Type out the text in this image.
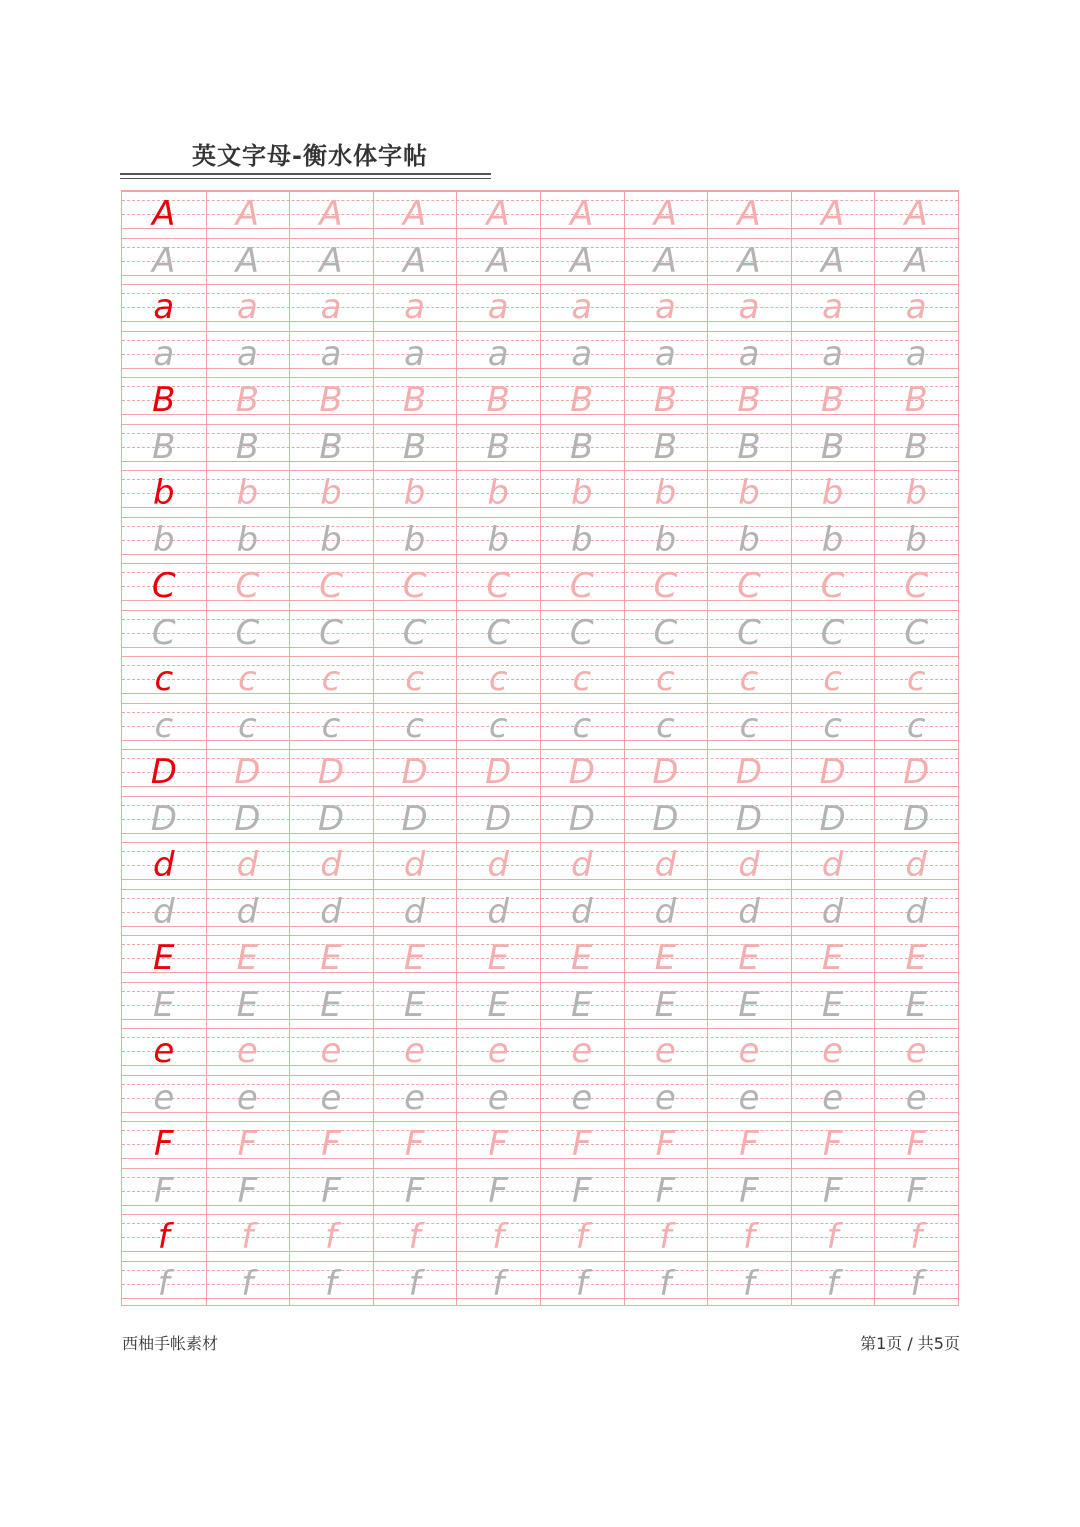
英文字母-衡水体字帖
A	A	A	A	A	A	A	A	A	A
A	A	A	A	A	A	A	A	A	A
a	a	a	a	a	a	a	a	a	a
a	a	a	a	a	a	a	a	a	a
B	B	B	B	B	B	B	B	B	B
B	B	B	B	B	B	B	B	B	B
b	b	b	b	b	b	b	b	b	b
b	b	b	b	b	b	b	b	b	b
C	C	C	C	C	C	C	C	C	C
C	C	C	C	C	C	C	C	C	C
c	c	c	c	c	c	c	c	c	c
c	c	c	c	c	c	c	c	c	c
D	D	D	D	D	D	D	D	D	D
D	D	D	D	D	D	D	D	D	D
d	d	d	d	d	d	d	d	d	d
d	d	d	d	d	d	d	d	d	d
E	E	E	E	E	E	E	E	E	E
E	E	E	E	E	E	E	E	E	E
e	e	e	e	e	e	e	e	e	e
e	e	e	e	e	e	e	e	e	e
F	F	F	F	F	F	F	F	F	F
F	F	F	F	F	F	F	F	F	F
f	f	f	f	f	f	f	f	f	f
f	f	f	f	f	f	f	f	f	f
西柚手帐素材	第1页 / 共5页
